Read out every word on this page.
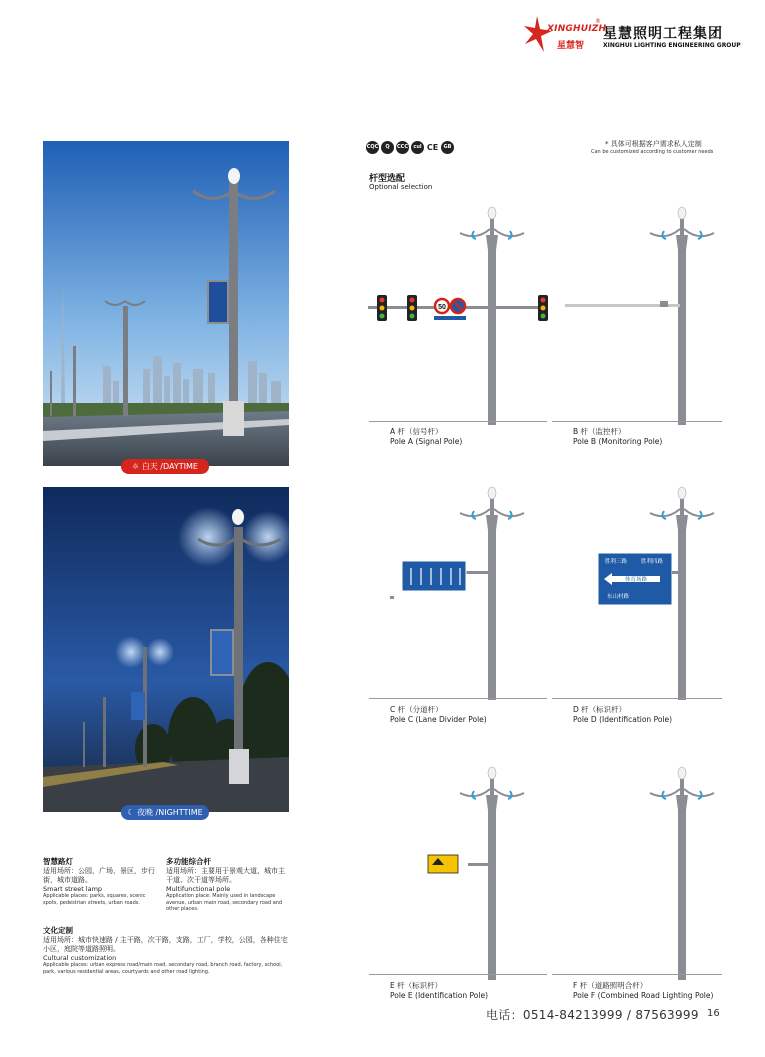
XINGHUIZH
®
星慧智
星慧照明工程集团
XINGHUI LIGHTING ENGINEERING GROUP
☼ 白天 /DAYTIME
☾ 夜晚 /NIGHTTIME
智慧路灯
适用场所：公园，广场，景区，步行街，城市道路。
Smart street lamp
Applicable places: parks, squares, scenic spots, pedestrian streets, urban roads.
多功能综合杆
适用场所：主要用于景观大道、城市主干道、次干道等场所。
Multifunctional pole
Application place: Mainly used in landscape avenue, urban main road, secondary road and other places.
文化定制
适用场所：城市快速路 / 主干路，次干路，支路，工厂，学校，公园，各种住宅小区，庭院等道路照明。
Cultural customization
Applicable places: urban express road/main road, secondary road, branch road, factory, school, park, various residential areas, courtyards and other road lighting.
CQC	Q	CCC	cul CE	GB	* 具体可根据客户需求私人定制
Can be customized according to customer needs
杆型选配
Optional selection
50
胜利三路	胜利四路
体育场路
东山村路
A 杆（信号杆）
Pole A (Signal Pole)
B 杆（监控杆）
Pole B (Monitoring Pole)
C 杆（分道杆）
Pole C (Lane Divider Pole)
D 杆（标识杆）
Pole D (Identification Pole)
E 杆（标识杆）
Pole E (Identification Pole)
F 杆（道路照明合杆）
Pole F (Combined Road Lighting Pole)
电话：0514-84213999 / 87563999 16
